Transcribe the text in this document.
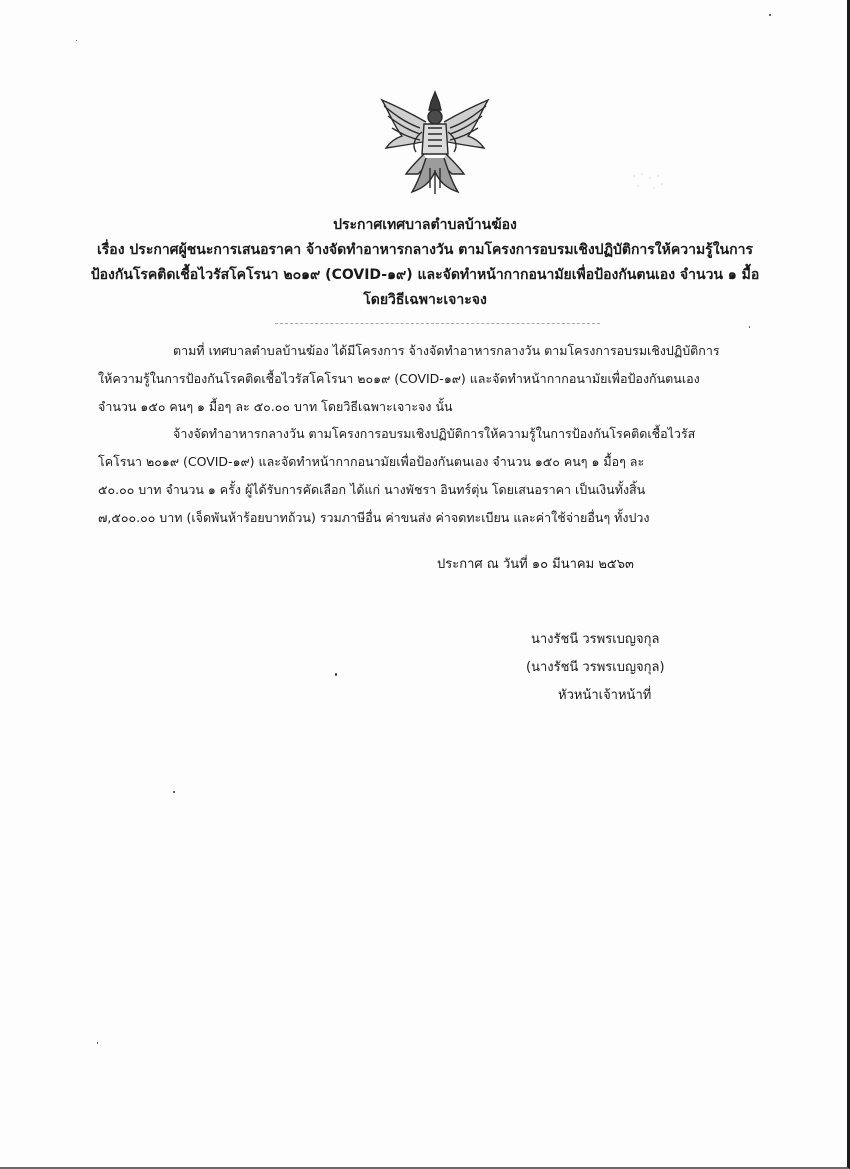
ประกาศเทศบาลตำบลบ้านฆ้อง
เรื่อง ประกาศผู้ชนะการเสนอราคา จ้างจัดทำอาหารกลางวัน ตามโครงการอบรมเชิงปฏิบัติการให้ความรู้ในการ
ป้องกันโรคติดเชื้อไวรัสโคโรนา ๒๐๑๙ (COVID-๑๙) และจัดทำหน้ากากอนามัยเพื่อป้องกันตนเอง จำนวน ๑ มื้อ
โดยวิธีเฉพาะเจาะจง
ตามที่ เทศบาลตำบลบ้านฆ้อง ได้มีโครงการ จ้างจัดทำอาหารกลางวัน ตามโครงการอบรมเชิงปฏิบัติการ
ให้ความรู้ในการป้องกันโรคติดเชื้อไวรัสโคโรนา ๒๐๑๙ (COVID-๑๙) และจัดทำหน้ากากอนามัยเพื่อป้องกันตนเอง
จำนวน ๑๕๐ คนๆ ๑ มื้อๆ ละ ๕๐.๐๐ บาท โดยวิธีเฉพาะเจาะจง นั้น
จ้างจัดทำอาหารกลางวัน ตามโครงการอบรมเชิงปฏิบัติการให้ความรู้ในการป้องกันโรคติดเชื้อไวรัส
โคโรนา ๒๐๑๙ (COVID-๑๙) และจัดทำหน้ากากอนามัยเพื่อป้องกันตนเอง จำนวน ๑๕๐ คนๆ ๑ มื้อๆ ละ
๕๐.๐๐ บาท จำนวน ๑ ครั้ง ผู้ได้รับการคัดเลือก ได้แก่ นางพัชรา อินทร์ตุ่น โดยเสนอราคา เป็นเงินทั้งสิ้น
๗,๕๐๐.๐๐ บาท (เจ็ดพันห้าร้อยบาทถ้วน) รวมภาษีอื่น ค่าขนส่ง ค่าจดทะเบียน และค่าใช้จ่ายอื่นๆ ทั้งปวง
ประกาศ ณ วันที่ ๑๐ มีนาคม ๒๕๖๓
นางรัชนี วรพรเบญจกุล
(นางรัชนี วรพรเบญจกุล)
หัวหน้าเจ้าหน้าที่
